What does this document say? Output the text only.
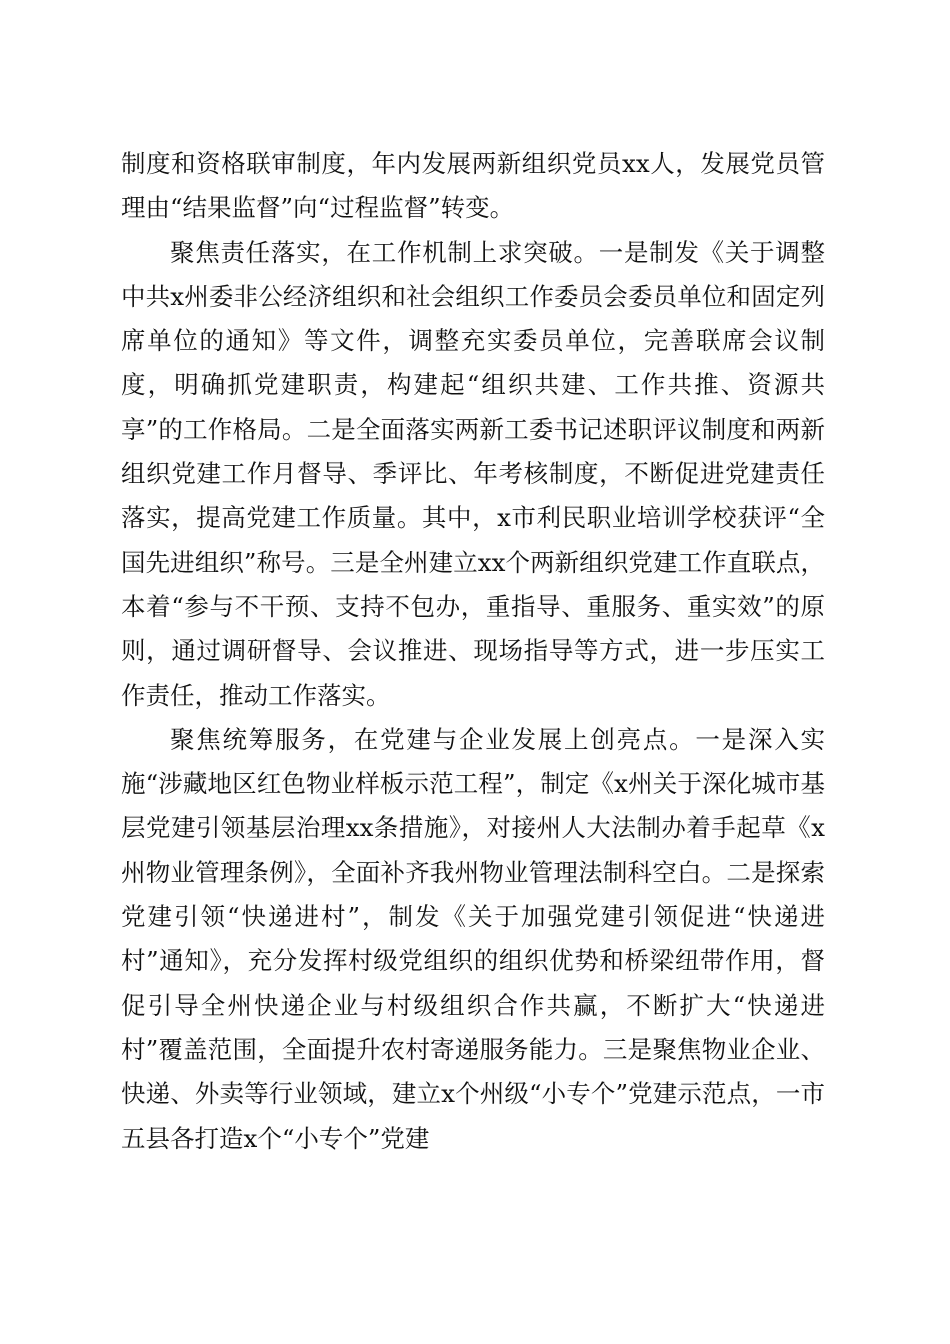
制度和资格联审制度，年内发展两新组织党员xx人，发展党员管理由“结果监督”向“过程监督”转变。

聚焦责任落实，在工作机制上求突破。一是制发《关于调整中共x州委非公经济组织和社会组织工作委员会委员单位和固定列席单位的通知》等文件，调整充实委员单位，完善联席会议制度，明确抓党建职责，构建起“组织共建、工作共推、资源共享”的工作格局。二是全面落实两新工委书记述职评议制度和两新组织党建工作月督导、季评比、年考核制度，不断促进党建责任落实，提高党建工作质量。其中，x市利民职业培训学校获评“全国先进组织”称号。三是全州建立xx个两新组织党建工作直联点，本着“参与不干预、支持不包办，重指导、重服务、重实效”的原则，通过调研督导、会议推进、现场指导等方式，进一步压实工作责任，推动工作落实。

聚焦统筹服务，在党建与企业发展上创亮点。一是深入实施“涉藏地区红色物业样板示范工程”，制定《x州关于深化城市基层党建引领基层治理xx条措施》，对接州人大法制办着手起草《x州物业管理条例》，全面补齐我州物业管理法制科空白。二是探索党建引领“快递进村”，制发《关于加强党建引领促进“快递进村”通知》，充分发挥村级党组织的组织优势和桥梁纽带作用，督促引导全州快递企业与村级组织合作共赢，不断扩大“快递进村”覆盖范围，全面提升农村寄递服务能力。三是聚焦物业企业、快递、外卖等行业领域，建立x个州级“小专个”党建示范点，一市五县各打造x个“小专个”党建
